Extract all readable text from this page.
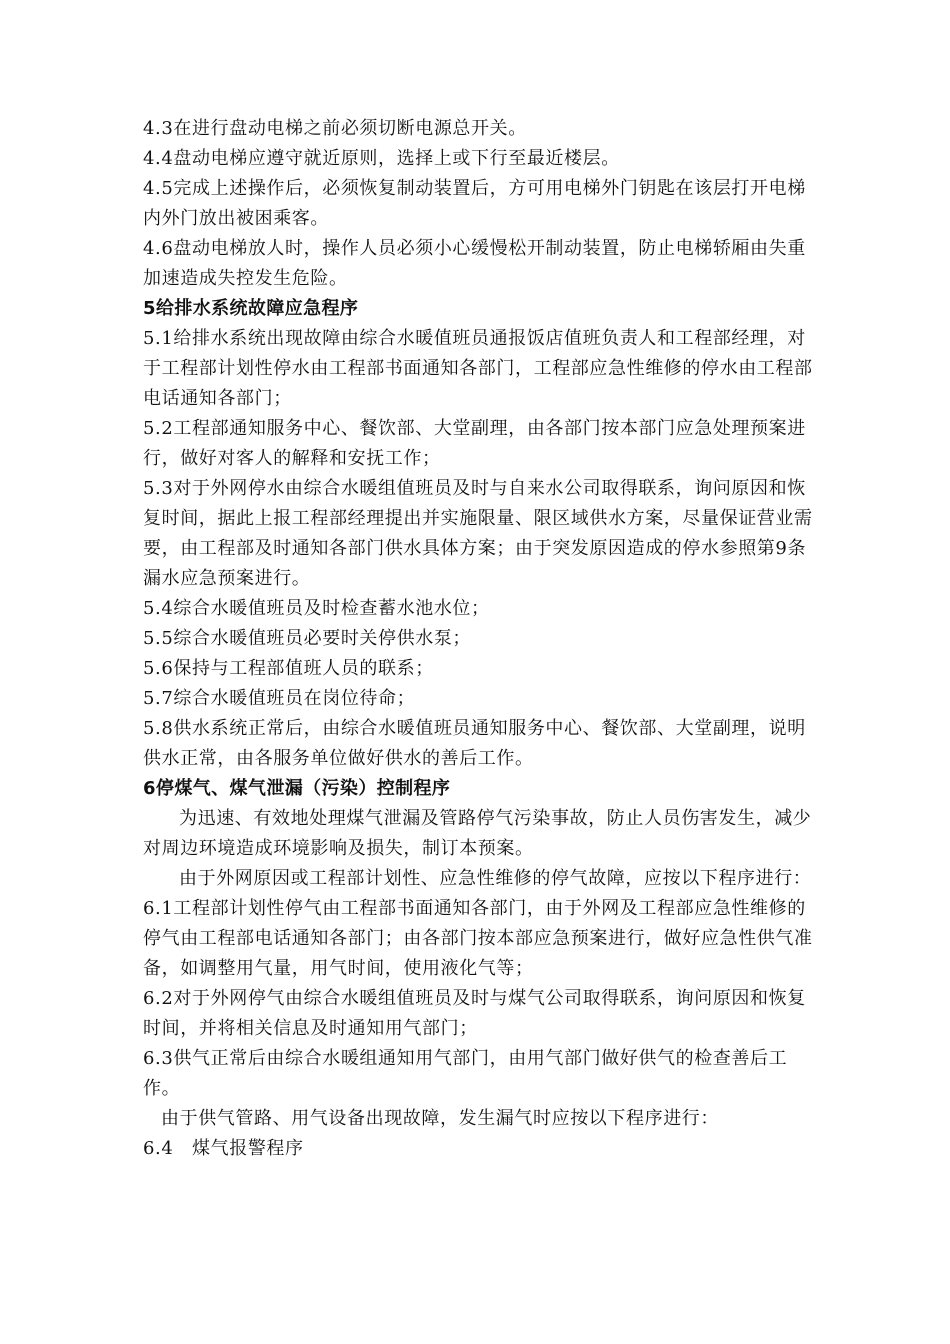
4.3在进行盘动电梯之前必须切断电源总开关。

4.4盘动电梯应遵守就近原则，选择上或下行至最近楼层。

4.5完成上述操作后，必须恢复制动装置后，方可用电梯外门钥匙在该层打开电梯内外门放出被困乘客。

4.6盘动电梯放人时，操作人员必须小心缓慢松开制动装置，防止电梯轿厢由失重加速造成失控发生危险。

5给排水系统故障应急程序

5.1给排水系统出现故障由综合水暖值班员通报饭店值班负责人和工程部经理，对于工程部计划性停水由工程部书面通知各部门，工程部应急性维修的停水由工程部电话通知各部门；

5.2工程部通知服务中心、餐饮部、大堂副理，由各部门按本部门应急处理预案进行，做好对客人的解释和安抚工作；

5.3对于外网停水由综合水暖组值班员及时与自来水公司取得联系，询问原因和恢复时间，据此上报工程部经理提出并实施限量、限区域供水方案，尽量保证营业需要，由工程部及时通知各部门供水具体方案；由于突发原因造成的停水参照第9条漏水应急预案进行。

5.4综合水暖值班员及时检查蓄水池水位；

5.5综合水暖值班员必要时关停供水泵；

5.6保持与工程部值班人员的联系；

5.7综合水暖值班员在岗位待命；

5.8供水系统正常后，由综合水暖值班员通知服务中心、餐饮部、大堂副理，说明供水正常，由各服务单位做好供水的善后工作。

6停煤气、煤气泄漏（污染）控制程序

为迅速、有效地处理煤气泄漏及管路停气污染事故，防止人员伤害发生，减少对周边环境造成环境影响及损失，制订本预案。

由于外网原因或工程部计划性、应急性维修的停气故障，应按以下程序进行：

6.1工程部计划性停气由工程部书面通知各部门，由于外网及工程部应急性维修的停气由工程部电话通知各部门；由各部门按本部应急预案进行，做好应急性供气准备，如调整用气量，用气时间，使用液化气等；

6.2对于外网停气由综合水暖组值班员及时与煤气公司取得联系，询问原因和恢复时间，并将相关信息及时通知用气部门；

6.3供气正常后由综合水暖组通知用气部门，由用气部门做好供气的检查善后工作。

由于供气管路、用气设备出现故障，发生漏气时应按以下程序进行：

6.4　煤气报警程序
